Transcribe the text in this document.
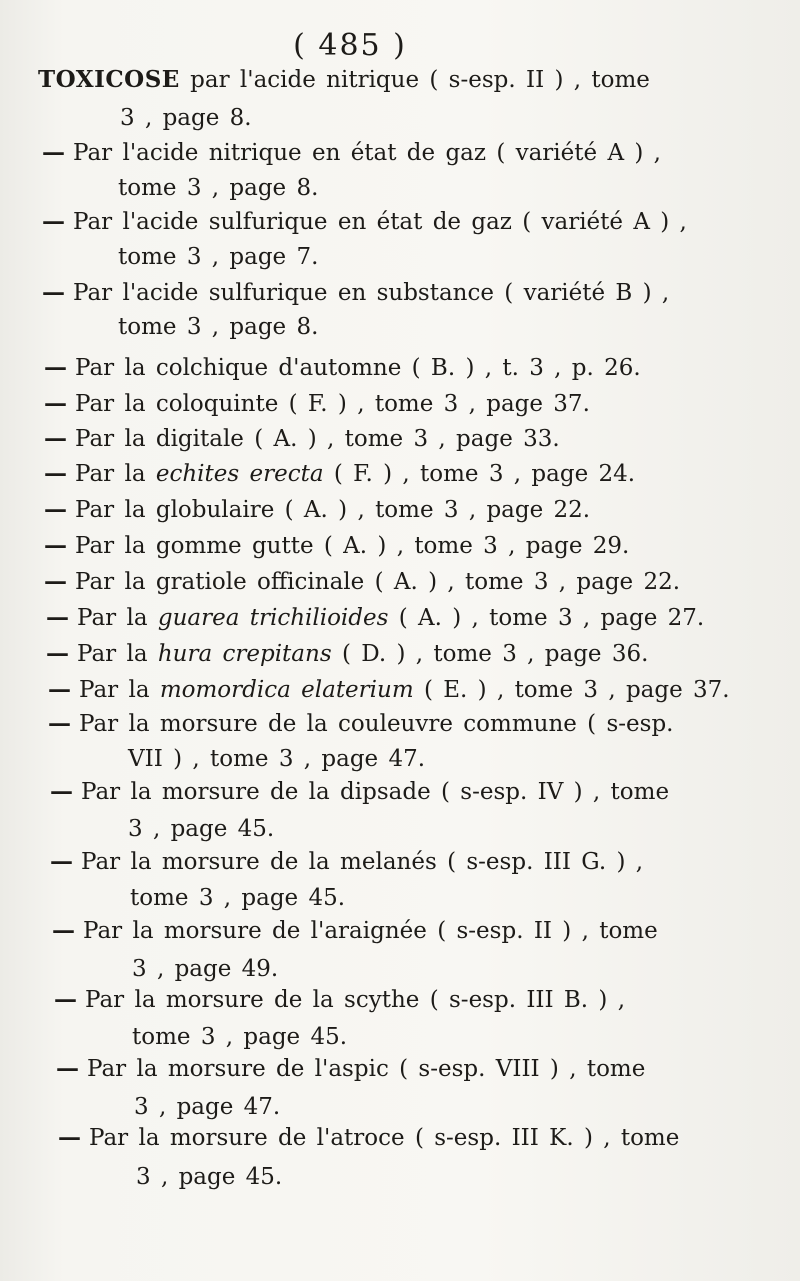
( 485 )
TOXICOSE par l'acide nitrique ( s-esp. II ) , tome
3 , page 8.
— Par l'acide nitrique en état de gaz ( variété A ) ,
tome 3 , page 8.
— Par l'acide sulfurique en état de gaz ( variété A ) ,
tome 3 , page 7.
— Par l'acide sulfurique en substance ( variété B ) ,
tome 3 , page 8.
— Par la colchique d'automne ( B. ) , t. 3 , p. 26.
— Par la coloquinte ( F. ) , tome 3 , page 37.
— Par la digitale ( A. ) , tome 3 , page 33.
— Par la echites erecta ( F. ) , tome 3 , page 24.
— Par la globulaire ( A. ) , tome 3 , page 22.
— Par la gomme gutte ( A. ) , tome 3 , page 29.
— Par la gratiole officinale ( A. ) , tome 3 , page 22.
— Par la guarea trichilioides ( A. ) , tome 3 , page 27.
— Par la hura crepitans ( D. ) , tome 3 , page 36.
— Par la momordica elaterium ( E. ) , tome 3 , page 37.
— Par la morsure de la couleuvre commune ( s-esp.
VII ) , tome 3 , page 47.
— Par la morsure de la dipsade ( s-esp. IV ) , tome
3 , page 45.
— Par la morsure de la melanés ( s-esp. III G. ) ,
tome 3 , page 45.
— Par la morsure de l'araignée ( s-esp. II ) , tome
3 , page 49.
— Par la morsure de la scythe ( s-esp. III B. ) ,
tome 3 , page 45.
— Par la morsure de l'aspic ( s-esp. VIII ) , tome
3 , page 47.
— Par la morsure de l'atroce ( s-esp. III K. ) , tome
3 , page 45.
